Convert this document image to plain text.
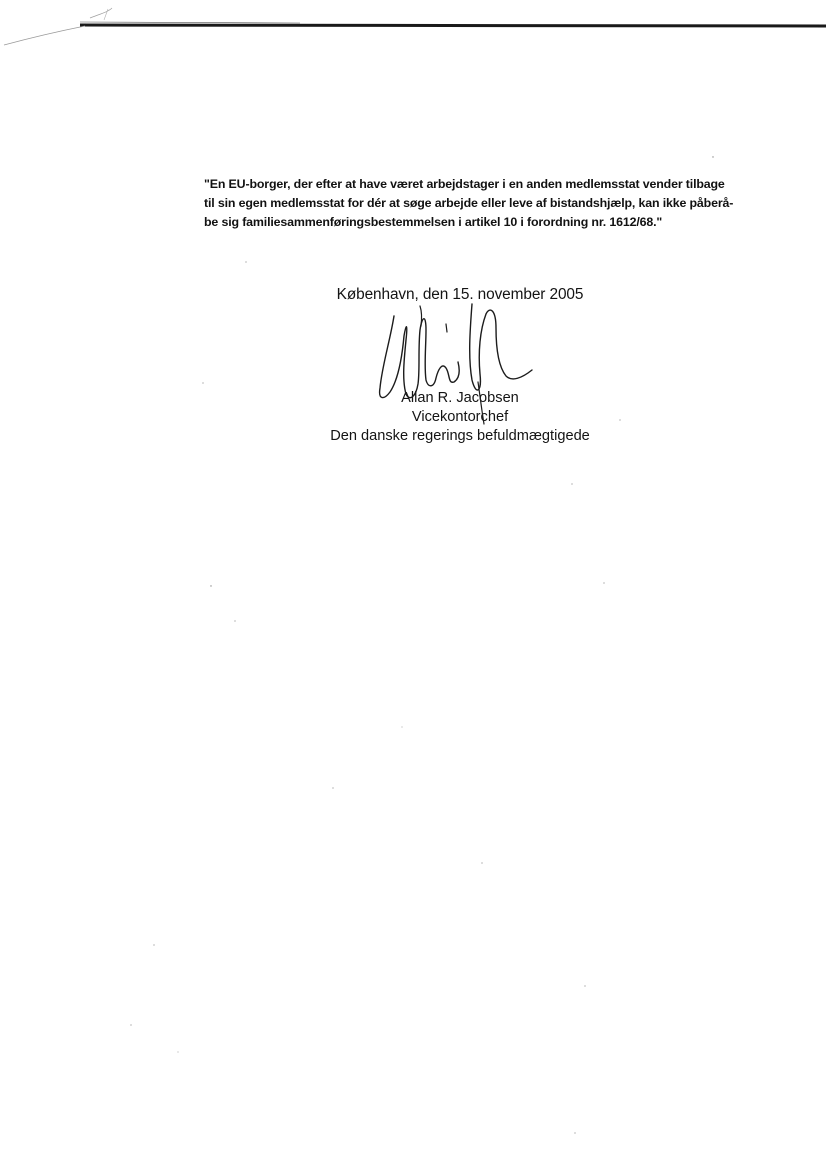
"En EU-borger, der efter at have været arbejdstager i en anden medlemsstat vender tilbage
til sin egen medlemsstat for dér at søge arbejde eller leve af bistandshjælp, kan ikke påberå-
be sig familiesammenføringsbestemmelsen i artikel 10 i forordning nr. 1612/68."
København, den 15. november 2005
Allan R. Jacobsen
Vicekontorchef
Den danske regerings befuldmægtigede
